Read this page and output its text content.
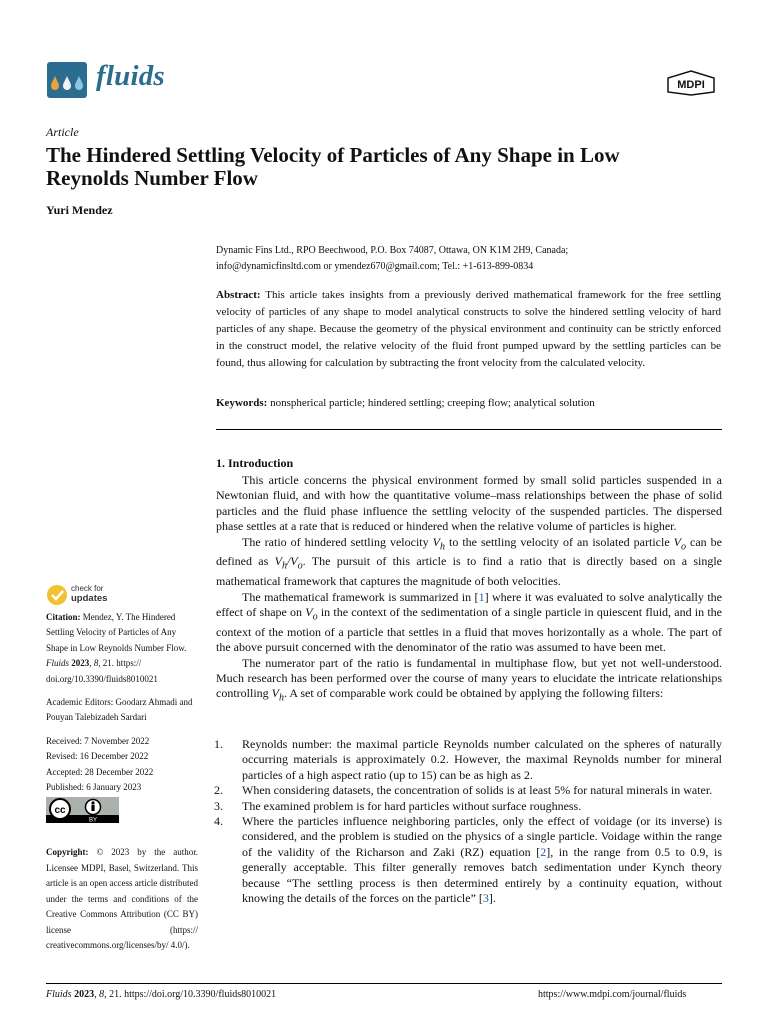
fluids	MDPI
Article
The Hindered Settling Velocity of Particles of Any Shape in Low Reynolds Number Flow
Yuri Mendez
Dynamic Fins Ltd., RPO Beechwood, P.O. Box 74087, Ottawa, ON K1M 2H9, Canada;
info@dynamicfinsltd.com or ymendez670@gmail.com; Tel.: +1-613-899-0834
Abstract: This article takes insights from a previously derived mathematical framework for the free settling velocity of particles of any shape to model analytical constructs to solve the hindered settling velocity of hard particles of any shape. Because the geometry of the physical environment and continuity can be strictly enforced in the construct model, the relative velocity of the fluid front pumped upward by the settling particles can be found, thus allowing for calculation by subtracting the front velocity from the calculated velocity.
Keywords: nonspherical particle; hindered settling; creeping flow; analytical solution
1. Introduction

This article concerns the physical environment formed by small solid particles suspended in a Newtonian fluid, and with how the quantitative volume–mass relationships between the phase of solid particles and the fluid phase influence the settling velocity of the suspended particles. The dispersed phase settles at a rate that is reduced or hindered when the relative volume of particles is higher.

The ratio of hindered settling velocity $V_h$ to the settling velocity of an isolated particle $V_o$ can be defined as $V_h/V_o$. The pursuit of this article is to find a ratio that is directly based on a single mathematical framework that captures the magnitude of both velocities.

The mathematical framework is summarized in [1] where it was evaluated to solve analytically the effect of shape on $V_o$ in the context of the sedimentation of a single particle in quiescent fluid, and in the context of the motion of a particle that settles in a fluid that moves horizontally as a whole. The part of the above pursuit concerned with the denominator of the ratio was assumed to have been met.

The numerator part of the ratio is fundamental in multiphase flow, but yet not well-understood. Much research has been performed over the course of many years to elucidate the intricate relationships controlling $V_h$. A set of comparable work could be obtained by applying the following filters:

1. Reynolds number: the maximal particle Reynolds number calculated on the spheres of naturally occurring materials is approximately 0.2. However, the maximal Reynolds number for mineral particles of a high aspect ratio (up to 15) can be as high as 2.
2. When considering datasets, the concentration of solids is at least 5% for natural minerals in water.
3. The examined problem is for hard particles without surface roughness.
4. Where the particles influence neighboring particles, only the effect of voidage (or its inverse) is considered, and the problem is studied on the physics of a single particle. Voidage within the range of the validity of the Richarson and Zaki (RZ) equation [2], in the range from 0.5 to 0.9, is generally acceptable. This filter generally removes batch sedimentation under Kynch theory because “The settling process is then determined entirely by a continuity equation, without knowing the details of the forces on the particle” [3].
check for
updates

Citation: Mendez, Y. The Hindered Settling Velocity of Particles of Any Shape in Low Reynolds Number Flow. Fluids 2023, 8, 21. https:// doi.org/10.3390/fluids8010021

Academic Editors: Goodarz Ahmadi and Pouyan Talebizadeh Sardari

Received: 7 November 2022

Revised: 16 December 2022

Accepted: 28 December 2022

Published: 6 January 2023

Copyright: © 2023 by the author. Licensee MDPI, Basel, Switzerland. This article is an open access article distributed under the terms and conditions of the Creative Commons Attribution (CC BY) license (https:// creativecommons.org/licenses/by/ 4.0/).

cc
BY
Fluids 2023, 8, 21. https://doi.org/10.3390/fluids8010021	https://www.mdpi.com/journal/fluids
